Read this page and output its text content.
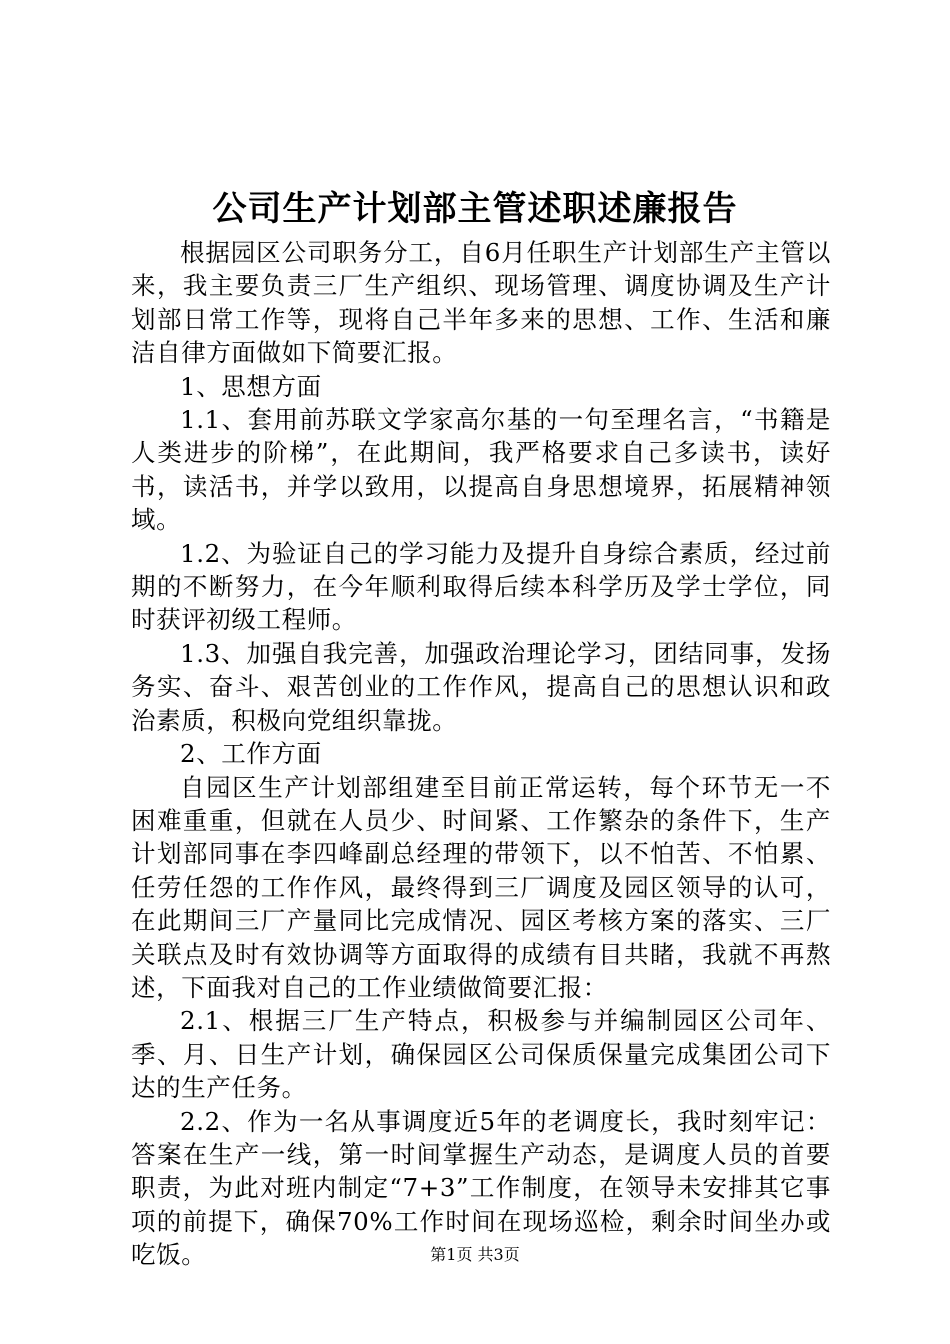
公司生产计划部主管述职述廉报告

根据园区公司职务分工，自6月任职生产计划部生产主管以来，我主要负责三厂生产组织、现场管理、调度协调及生产计划部日常工作等，现将自己半年多来的思想、工作、生活和廉洁自律方面做如下简要汇报。

1、思想方面

1.1、套用前苏联文学家高尔基的一句至理名言，“书籍是人类进步的阶梯”，在此期间，我严格要求自己多读书，读好书，读活书，并学以致用，以提高自身思想境界，拓展精神领域。

1.2、为验证自己的学习能力及提升自身综合素质，经过前期的不断努力，在今年顺利取得后续本科学历及学士学位，同时获评初级工程师。

1.3、加强自我完善，加强政治理论学习，团结同事，发扬务实、奋斗、艰苦创业的工作作风，提高自己的思想认识和政治素质，积极向党组织靠拢。

2、工作方面

自园区生产计划部组建至目前正常运转，每个环节无一不困难重重，但就在人员少、时间紧、工作繁杂的条件下，生产计划部同事在李四峰副总经理的带领下，以不怕苦、不怕累、任劳任怨的工作作风，最终得到三厂调度及园区领导的认可，在此期间三厂产量同比完成情况、园区考核方案的落实、三厂关联点及时有效协调等方面取得的成绩有目共睹，我就不再熬述，下面我对自己的工作业绩做简要汇报：

2.1、根据三厂生产特点，积极参与并编制园区公司年、季、月、日生产计划，确保园区公司保质保量完成集团公司下达的生产任务。

2.2、作为一名从事调度近5年的老调度长，我时刻牢记：答案在生产一线，第一时间掌握生产动态，是调度人员的首要职责，为此对班内制定“7+3”工作制度，在领导未安排其它事项的前提下，确保70%工作时间在现场巡检，剩余时间坐办或吃饭。	第1页 共3页
